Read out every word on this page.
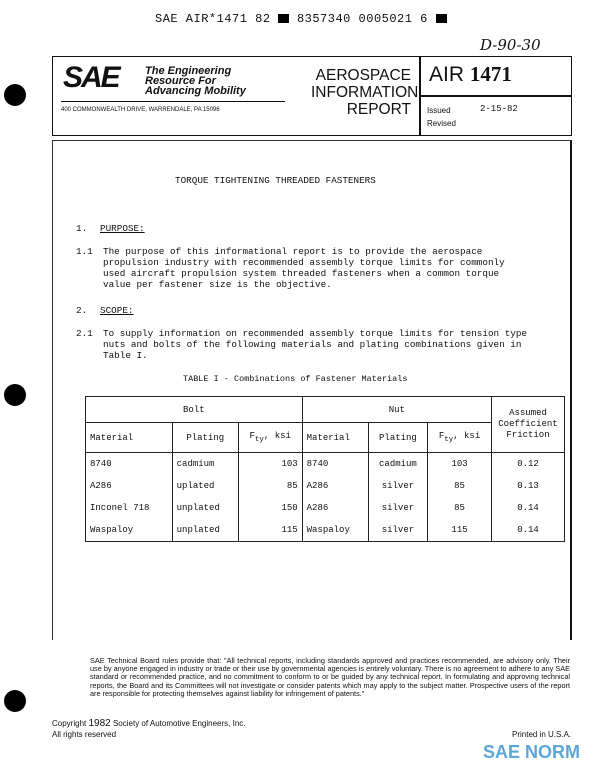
SAE AIR*1471 82 8357340 0005021 6
D-90-30
SAE	The Engineering
Resource For
Advancing Mobility
400 COMMONWEALTH DRIVE, WARRENDALE, PA 15096
AEROSPACE
INFORMATION
REPORT
AIR 1471
Issued
Revised
2-15-82
TORQUE TIGHTENING THREADED FASTENERS
1. PURPOSE:
1.1 The purpose of this informational report is to provide the aerospace
propulsion industry with recommended assembly torque limits for commonly
used aircraft propulsion system threaded fasteners when a common torque
value per fastener size is the objective.
2. SCOPE:
2.1 To supply information on recommended assembly torque limits for tension type
nuts and bolts of the following materials and plating combinations given in
Table I.
TABLE I - Combinations of Fastener Materials
Bolt			Nut			Assumed Coefficient Friction
Material	Plating	$F_{ty}$, ksi	Material	Plating	$F_{ty}$, ksi	
8740	cadmium	103	8740	cadmium	103	0.12
A286	uplated	85	A286	silver	85	0.13
Inconel 718	unplated	150	A286	silver	85	0.14
Waspaloy	unplated	115	Waspaloy	silver	115	0.14
SAE Technical Board rules provide that: "All technical reports, including standards approved and practices recommended, are advisory only. Their use by anyone engaged in industry or trade or their use by governmental agencies is entirely voluntary. There is no agreement to adhere to any SAE standard or recommended practice, and no commitment to conform to or be guided by any technical report. In formulating and approving technical reports, the Board and its Committees will not investigate or consider patents which may apply to the subject matter. Prospective users of the report are responsible for protecting themselves against liability for infringement of patents."
Copyright 1982 Society of Automotive Engineers, Inc.
All rights reserved	Printed in U.S.A.
SAE NORM
